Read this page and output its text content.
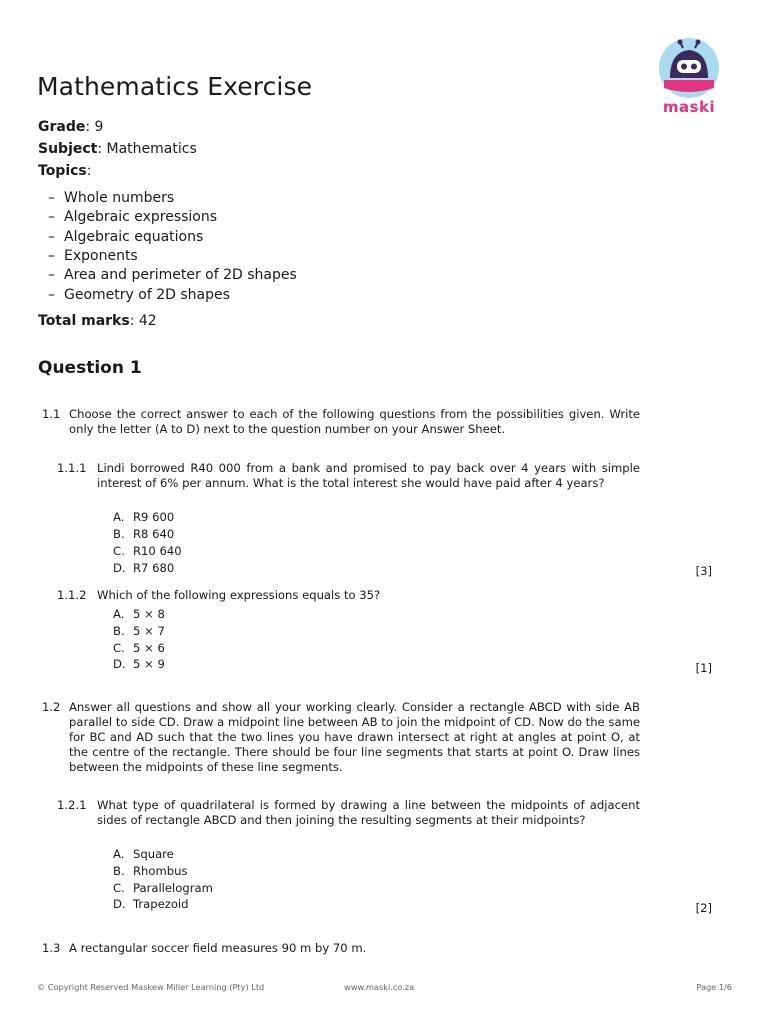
maski
Mathematics Exercise
Grade: 9
Subject: Mathematics
Topics:
– Whole numbers
– Algebraic expressions
– Algebraic equations
– Exponents
– Area and perimeter of 2D shapes
– Geometry of 2D shapes
Total marks: 42
Question 1
1.1 Choose the correct answer to each of the following questions from the possibilities given. Write only the letter (A to D) next to the question number on your Answer Sheet.
1.1.1 Lindi borrowed R40 000 from a bank and promised to pay back over 4 years with simple interest of 6% per annum. What is the total interest she would have paid after 4 years?
A. R9 600
B. R8 640
C. R10 640
D. R7 680	[3]
1.1.2 Which of the following expressions equals to 35?
A. 5 × 8
B. 5 × 7
C. 5 × 6
D. 5 × 9	[1]
1.2 Answer all questions and show all your working clearly. Consider a rectangle ABCD with side AB parallel to side CD. Draw a midpoint line between AB to join the midpoint of CD. Now do the same for BC and AD such that the two lines you have drawn intersect at right at angles at point O, at the centre of the rectangle. There should be four line segments that starts at point O. Draw lines between the midpoints of these line segments.
1.2.1 What type of quadrilateral is formed by drawing a line between the midpoints of adjacent sides of rectangle ABCD and then joining the resulting segments at their midpoints?
A. Square
B. Rhombus
C. Parallelogram
D. Trapezoid	[2]
1.3 A rectangular soccer field measures 90 m by 70 m.
© Copyright Reserved Maskew Miller Learning (Pty) Ltd	www.maski.co.za	Page 1/6
